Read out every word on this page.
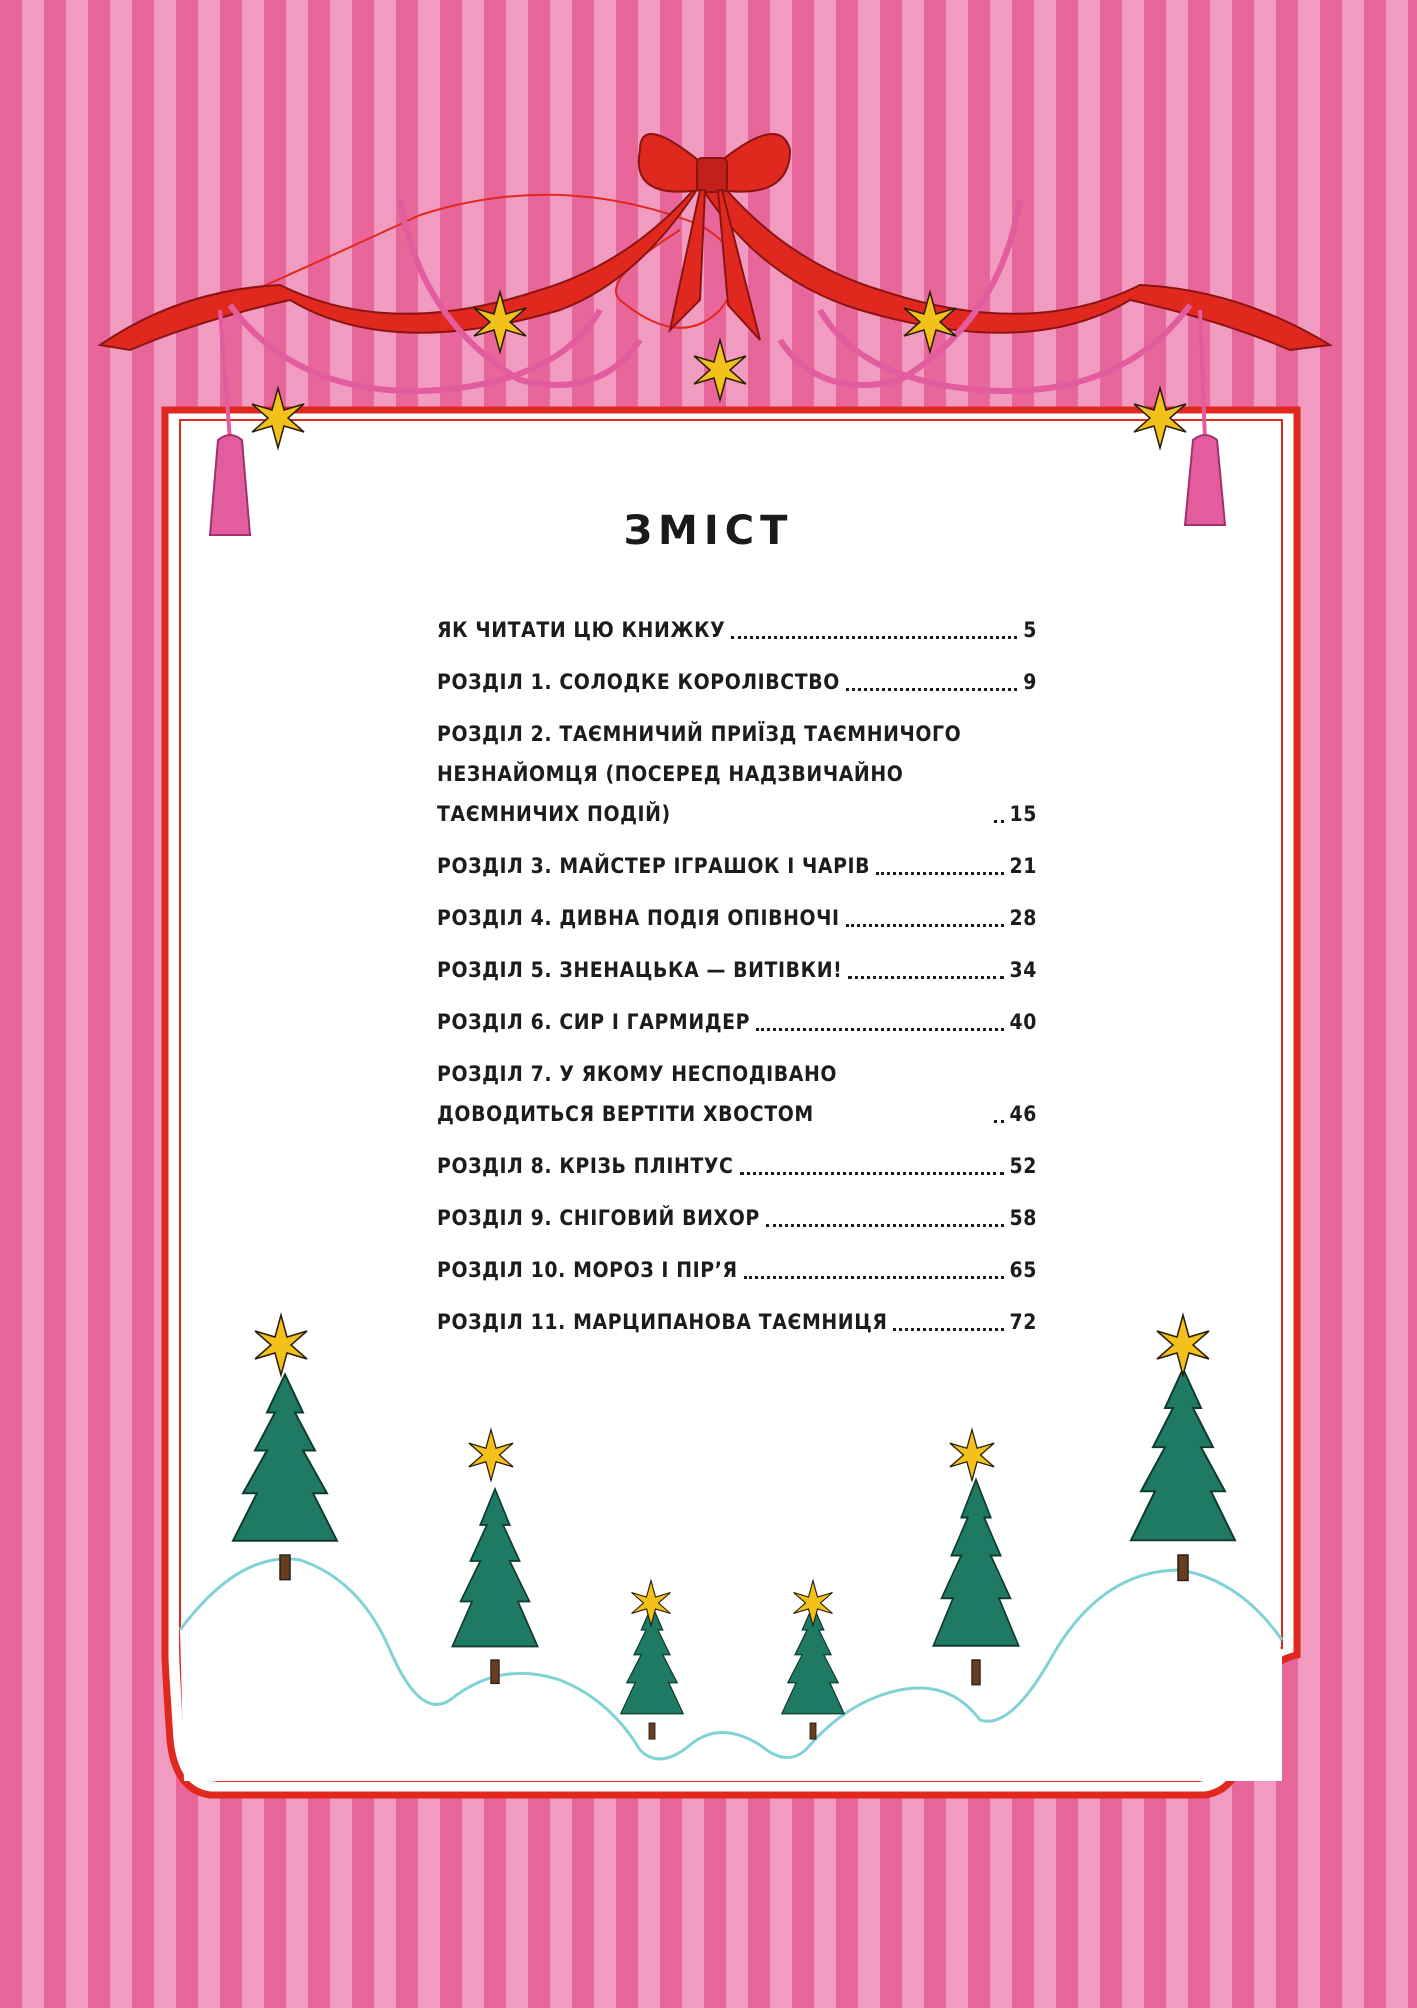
ЗМІСТ
ЯК ЧИТАТИ ЦЮ КНИЖКУ	5
РОЗДІЛ 1. СОЛОДКЕ КОРОЛІВСТВО	9
РОЗДІЛ 2. ТАЄМНИЧИЙ ПРИЇЗД ТАЄМНИЧОГО НЕЗНАЙОМЦЯ (ПОСЕРЕД НАДЗВИЧАЙНО ТАЄМНИЧИХ ПОДІЙ)	15
РОЗДІЛ 3. МАЙСТЕР ІГРАШОК І ЧАРІВ	21
РОЗДІЛ 4. ДИВНА ПОДІЯ ОПІВНОЧІ	28
РОЗДІЛ 5. ЗНЕНАЦЬКА — ВИТІВКИ!	34
РОЗДІЛ 6. СИР І ГАРМИДЕР	40
РОЗДІЛ 7. У ЯКОМУ НЕСПОДІВАНО ДОВОДИТЬСЯ ВЕРТІТИ ХВОСТОМ	46
РОЗДІЛ 8. КРІЗЬ ПЛІНТУС	52
РОЗДІЛ 9. СНІГОВИЙ ВИХОР	58
РОЗДІЛ 10. МОРОЗ І ПІР’Я	65
РОЗДІЛ 11. МАРЦИПАНОВА ТАЄМНИЦЯ	72
